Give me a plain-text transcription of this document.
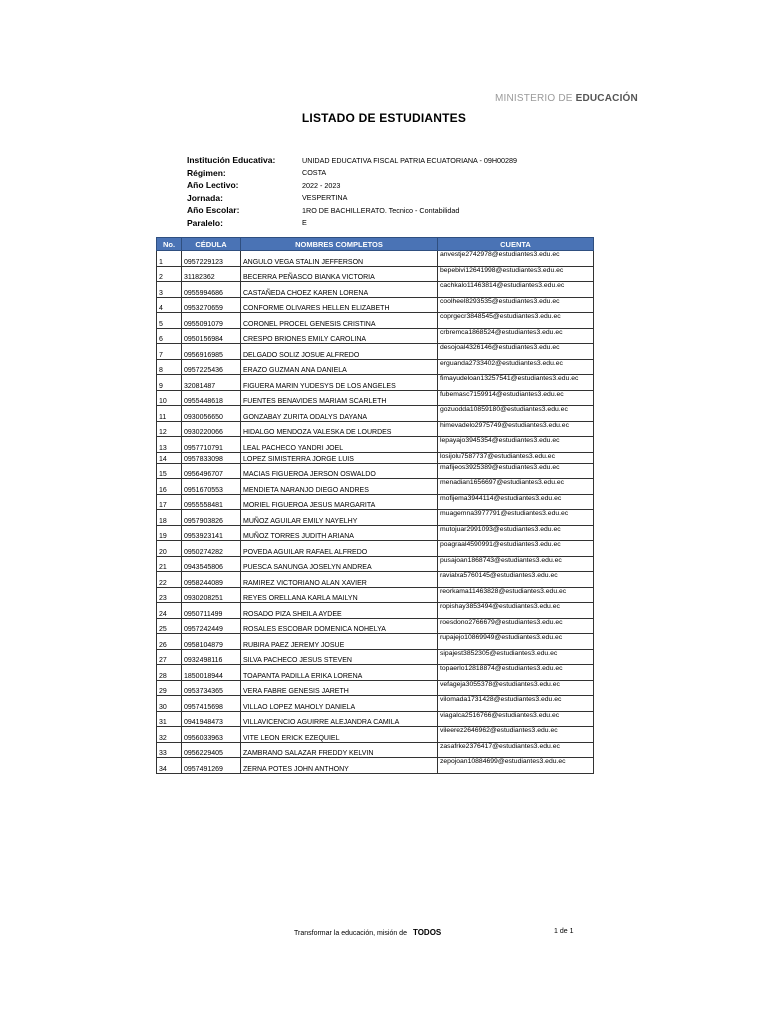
MINISTERIO DE EDUCACIÓN
LISTADO DE ESTUDIANTES
Institución Educativa:	UNIDAD EDUCATIVA FISCAL PATRIA ECUATORIANA - 09H00289
Régimen:	COSTA
Año Lectivo:	2022 - 2023
Jornada:	VESPERTINA
Año Escolar:	1RO DE BACHILLERATO. Tecnico - Contabilidad
Paralelo:	E
No.	CÉDULA	NOMBRES COMPLETOS	CUENTA
1	0957229123	ANGULO VEGA STALIN JEFFERSON	anvestje2742978@estudiantes3.edu.ec
2	31182362	BECERRA PEÑASCO BIANKA VICTORIA	bepebivi12641998@estudiantes3.edu.ec
3	0955994686	CASTAÑEDA CHOEZ KAREN LORENA	cachkalo11463814@estudiantes3.edu.ec
4	0953270659	CONFORME OLIVARES HELLEN ELIZABETH	coolheel8293535@estudiantes3.edu.ec
5	0955091079	CORONEL PROCEL GENESIS CRISTINA	coprgecr3848545@estudiantes3.edu.ec
6	0950156984	CRESPO BRIONES EMILY CAROLINA	crbremca1868524@estudiantes3.edu.ec
7	0956916985	DELGADO SOLIZ JOSUE ALFREDO	desojoal4326146@estudiantes3.edu.ec
8	0957225436	ERAZO GUZMAN ANA DANIELA	erguanda2733402@estudiantes3.edu.ec
9	32081487	FIGUERA MARIN YUDESYS DE LOS ANGELES	fimayudeloan13257541@estudiantes3.edu.ec
10	0955448618	FUENTES BENAVIDES MARIAM SCARLETH	fubemasc7159914@estudiantes3.edu.ec
11	0930056650	GONZABAY ZURITA ODALYS DAYANA	gozuodda10859180@estudiantes3.edu.ec
12	0930220066	HIDALGO MENDOZA VALESKA DE LOURDES	himevadelo2975749@estudiantes3.edu.ec
13	0957710791	LEAL PACHECO YANDRI JOEL	lepayajo3945354@estudiantes3.edu.ec
14	0957833098	LOPEZ SIMISTERRA JORGE LUIS	losijolu7587737@estudiantes3.edu.ec
15	0956496707	MACIAS FIGUEROA JERSON OSWALDO	mafijeos3925389@estudiantes3.edu.ec
16	0951670553	MENDIETA NARANJO DIEGO ANDRES	menadian1656697@estudiantes3.edu.ec
17	0955558481	MORIEL FIGUEROA JESUS MARGARITA	mofijema3944114@estudiantes3.edu.ec
18	0957903826	MUÑOZ AGUILAR EMILY NAYELHY	muagemna3977791@estudiantes3.edu.ec
19	0953923141	MUÑOZ TORRES JUDITH ARIANA	mutojuar2991093@estudiantes3.edu.ec
20	0950274282	POVEDA AGUILAR RAFAEL ALFREDO	poagraal4590991@estudiantes3.edu.ec
21	0943545806	PUESCA SANUNGA JOSELYN ANDREA	pusajoan1868743@estudiantes3.edu.ec
22	0958244089	RAMIREZ VICTORIANO ALAN XAVIER	ravialxa5760145@estudiantes3.edu.ec
23	0930208251	REYES ORELLANA KARLA MAILYN	reorkama11463828@estudiantes3.edu.ec
24	0950711499	ROSADO PIZA SHEILA AYDEE	ropishay3853494@estudiantes3.edu.ec
25	0957242449	ROSALES ESCOBAR DOMENICA NOHELYA	roesdono2766679@estudiantes3.edu.ec
26	0958104879	RUBIRA PAEZ JEREMY JOSUE	rupajejo10869949@estudiantes3.edu.ec
27	0932498116	SILVA PACHECO JESUS STEVEN	sipajest3852305@estudiantes3.edu.ec
28	1850018944	TOAPANTA PADILLA ERIKA LORENA	topaerlo12818874@estudiantes3.edu.ec
29	0953734365	VERA FABRE GENESIS JARETH	vefageja3055378@estudiantes3.edu.ec
30	0957415698	VILLAO LOPEZ MAHOLY DANIELA	vilomada1731428@estudiantes3.edu.ec
31	0941948473	VILLAVICENCIO AGUIRRE ALEJANDRA CAMILA	viagalca2516766@estudiantes3.edu.ec
32	0956033963	VITE LEON ERICK EZEQUIEL	vileerez2646962@estudiantes3.edu.ec
33	0956229405	ZAMBRANO SALAZAR FREDDY KELVIN	zasafrke2376417@estudiantes3.edu.ec
34	0957491269	ZERNA POTES JOHN ANTHONY	zepojoan10884699@estudiantes3.edu.ec
Transformar la educación, misión de TODOS	1 de 1
